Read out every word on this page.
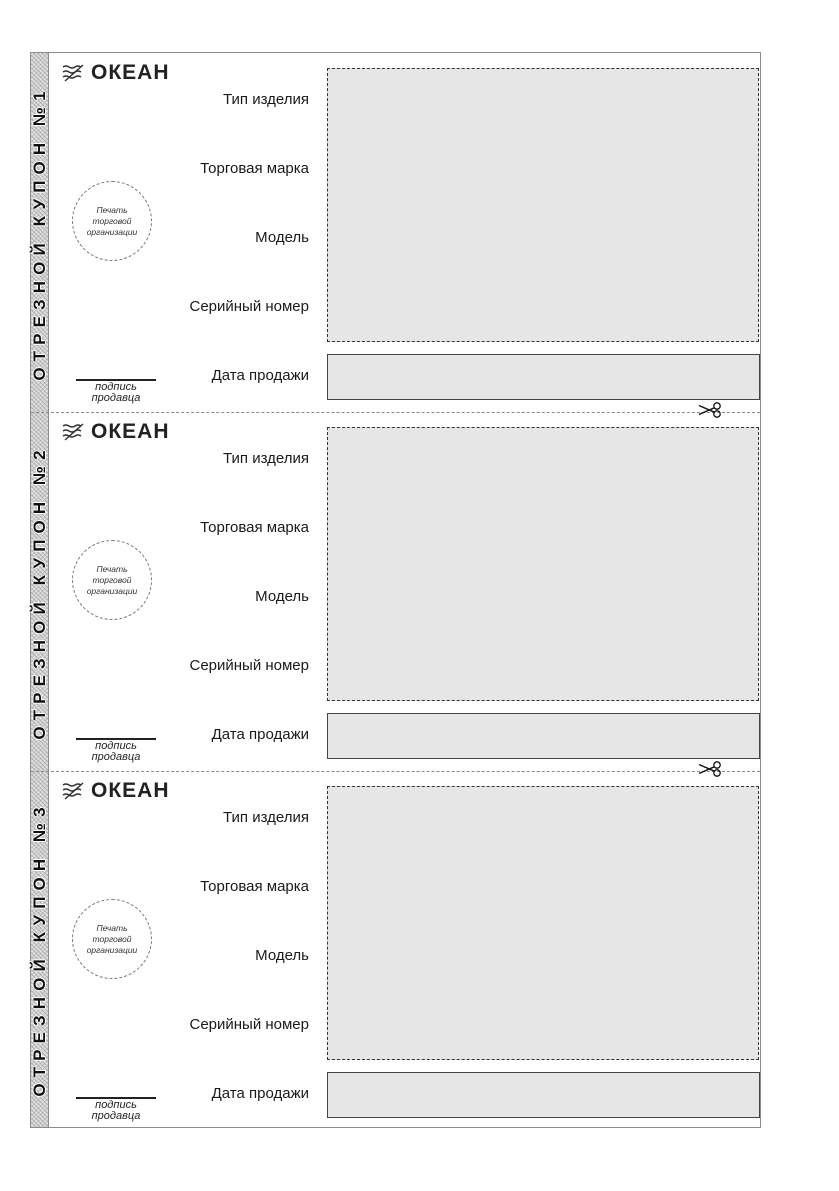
ОТРЕЗНОЙ КУПОН №1
ОКЕАН
Тип изделия
Торговая марка
Модель
Серийный номер
Дата продажи
Печать
торговой
организации
подпись
продавца
ОТРЕЗНОЙ КУПОН №2
ОКЕАН
Тип изделия
Торговая марка
Модель
Серийный номер
Дата продажи
Печать
торговой
организации
подпись
продавца
ОТРЕЗНОЙ КУПОН №3
ОКЕАН
Тип изделия
Торговая марка
Модель
Серийный номер
Дата продажи
Печать
торговой
организации
подпись
продавца
